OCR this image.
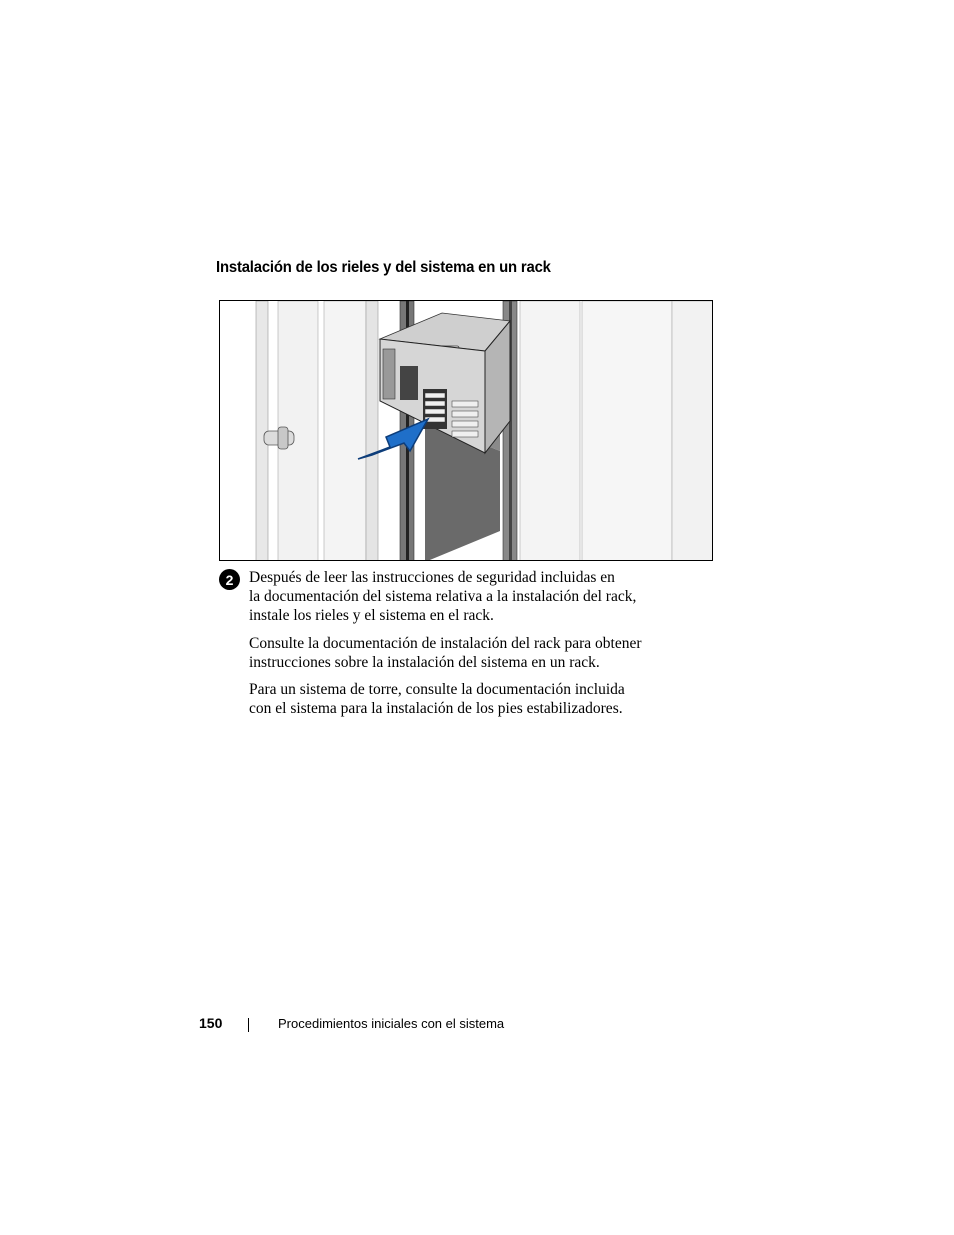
Instalación de los rieles y del sistema en un rack
2	Después de leer las instrucciones de seguridad incluidas en
la documentación del sistema relativa a la instalación del rack,
instale los rieles y el sistema en el rack.

Consulte la documentación de instalación del rack para obtener
instrucciones sobre la instalación del sistema en un rack.

Para un sistema de torre, consulte la documentación incluida
con el sistema para la instalación de los pies estabilizadores.

150	Procedimientos iniciales con el sistema
